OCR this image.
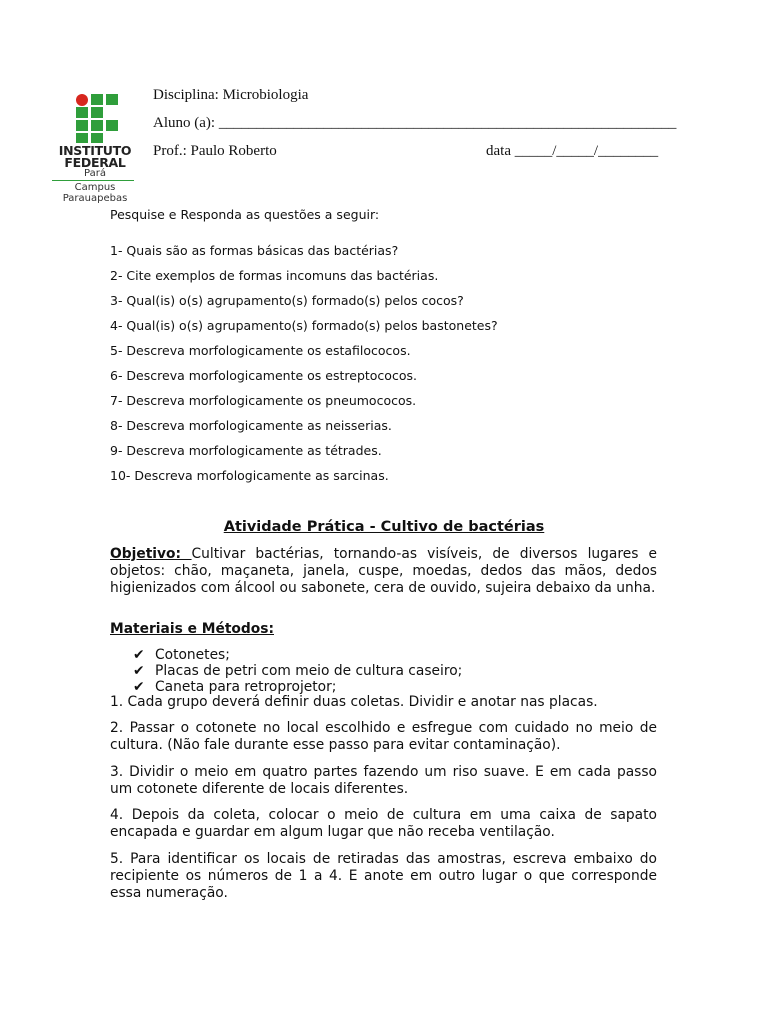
INSTITUTO
FEDERAL
Pará
Campus
Parauapebas
Disciplina: Microbiologia
Aluno (a): _____________________________________________________________
Prof.: Paulo Roberto	data _____/_____/________
Pesquise e Responda as questões a seguir:
1- Quais são as formas básicas das bactérias?
2- Cite exemplos de formas incomuns das bactérias.
3- Qual(is) o(s) agrupamento(s) formado(s) pelos cocos?
4- Qual(is) o(s) agrupamento(s) formado(s) pelos bastonetes?
5- Descreva morfologicamente os estafilococos.
6- Descreva morfologicamente os estreptococos.
7- Descreva morfologicamente os pneumococos.
8- Descreva morfologicamente as neisserias.
9- Descreva morfologicamente as tétrades.
10- Descreva morfologicamente as sarcinas.
Atividade Prática - Cultivo de bactérias
Objetivo: Cultivar bactérias, tornando-as visíveis, de diversos lugares e objetos: chão, maçaneta, janela, cuspe, moedas, dedos das mãos, dedos higienizados com álcool ou sabonete, cera de ouvido, sujeira debaixo da unha.
Materiais e Métodos:
✔ Cotonetes;
✔ Placas de petri com meio de cultura caseiro;
✔ Caneta para retroprojetor;
1. Cada grupo deverá definir duas coletas. Dividir e anotar nas placas.
2. Passar o cotonete no local escolhido e esfregue com cuidado no meio de cultura. (Não fale durante esse passo para evitar contaminação).
3. Dividir o meio em quatro partes fazendo um riso suave. E em cada passo um cotonete diferente de locais diferentes.
4. Depois da coleta, colocar o meio de cultura em uma caixa de sapato encapada e guardar em algum lugar que não receba ventilação.
5. Para identificar os locais de retiradas das amostras, escreva embaixo do recipiente os números de 1 a 4. E anote em outro lugar o que corresponde essa numeração.
